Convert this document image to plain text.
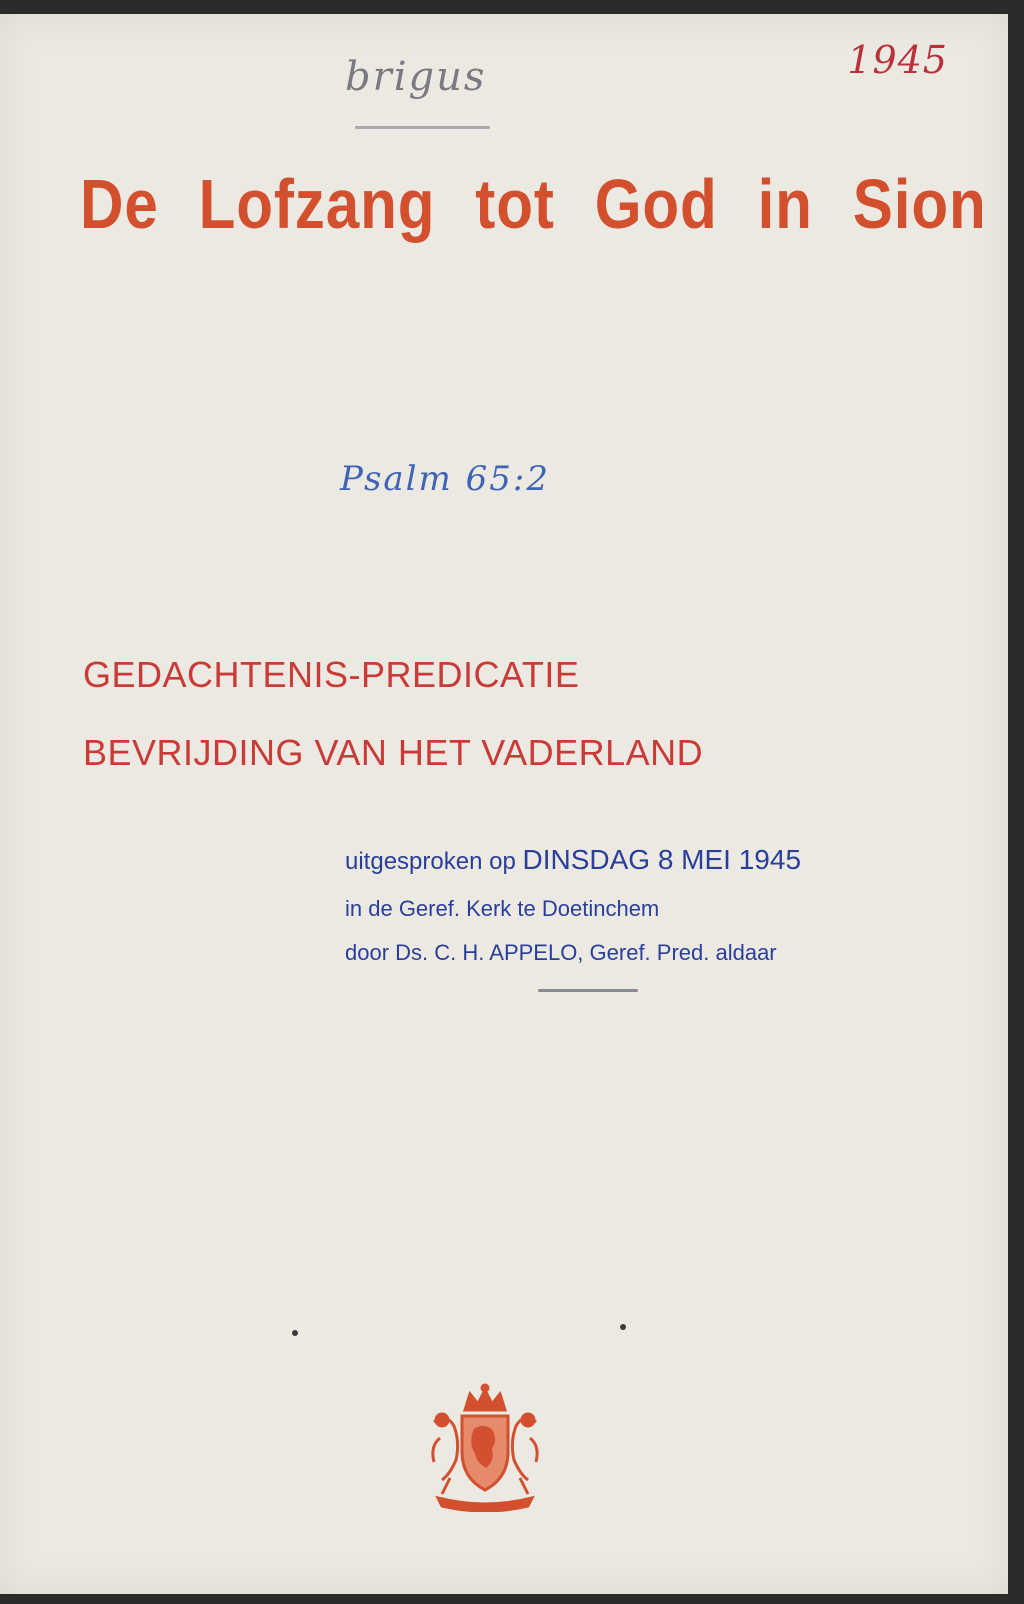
brigus	1945
De Lofzang tot God in Sion
Psalm 65:2
GEDACHTENIS-PREDICATIE
BEVRIJDING VAN HET VADERLAND
uitgesproken op DINSDAG 8 MEI 1945
in de Geref. Kerk te Doetinchem
door Ds. C. H. APPELO, Geref. Pred. aldaar
